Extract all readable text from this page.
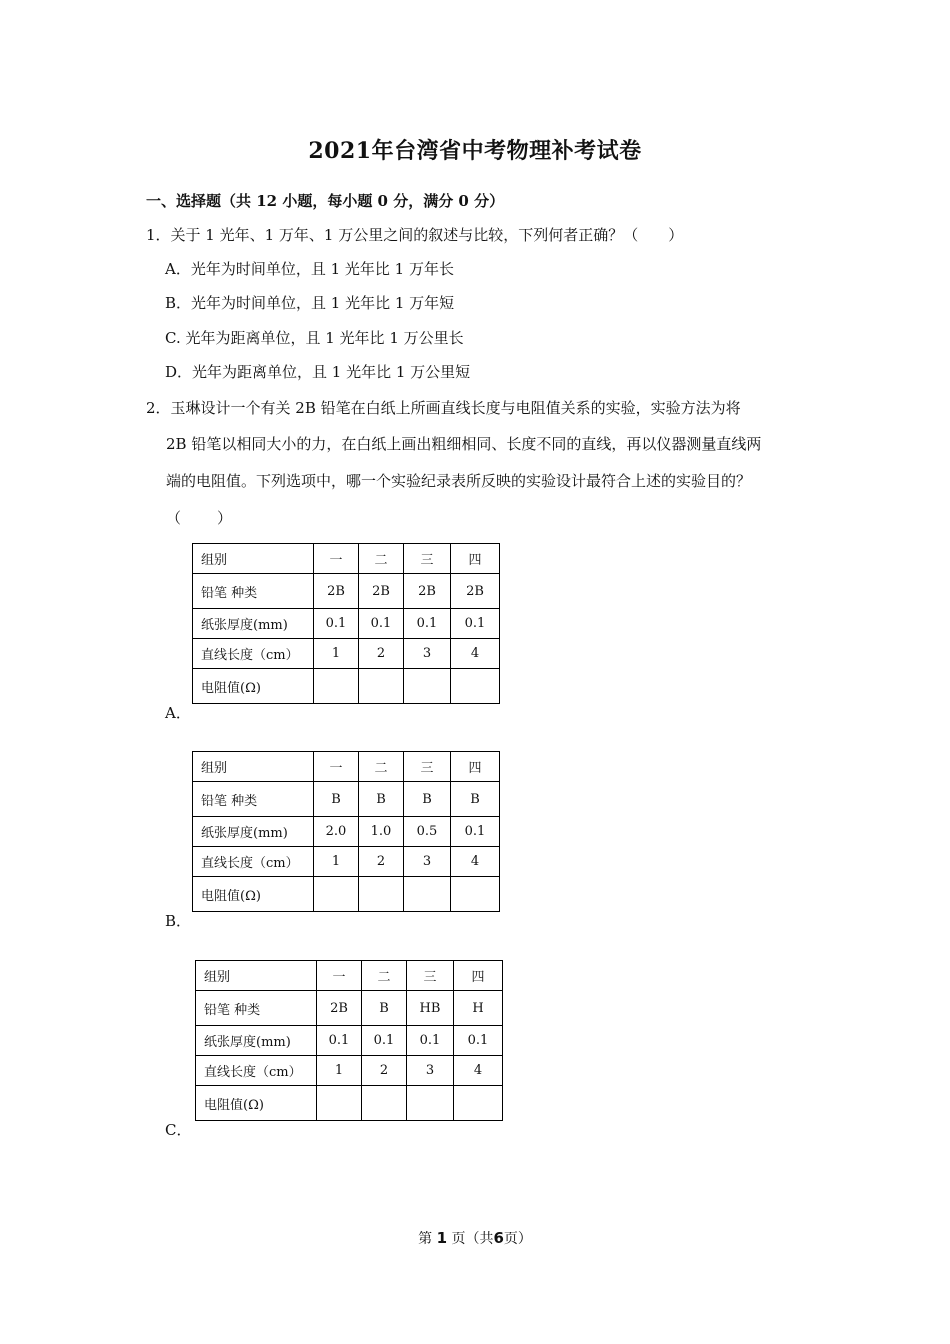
2021年台湾省中考物理补考试卷
一、选择题（共 12 小题，每小题 0 分，满分 0 分）
1．关于 1 光年、1 万年、1 万公里之间的叙述与比较，下列何者正确？（　　）
A．光年为时间单位，且 1 光年比 1 万年长
B．光年为时间单位，且 1 光年比 1 万年短
C. 光年为距离单位，且 1 光年比 1 万公里长
D．光年为距离单位，且 1 光年比 1 万公里短
2．玉琳设计一个有关 2B 铅笔在白纸上所画直线长度与电阻值关系的实验，实验方法为将
2B 铅笔以相同大小的力，在白纸上画出粗细相同、长度不同的直线，再以仪器测量直线两
端的电阻值。下列选项中，哪一个实验纪录表所反映的实验设计最符合上述的实验目的？
（　　）
组别	一	二	三	四
铅笔 种类	2B	2B	2B	2B
纸张厚度(mm)	0.1	0.1	0.1	0.1
直线长度（cm）	1	2	3	4
电阻值(Ω)				
A．
组别	一	二	三	四
铅笔 种类	B	B	B	B
纸张厚度(mm)	2.0	1.0	0.5	0.1
直线长度（cm）	1	2	3	4
电阻值(Ω)				
B．
组别	一	二	三	四
铅笔 种类	2B	B	HB	H
纸张厚度(mm)	0.1	0.1	0.1	0.1
直线长度（cm）	1	2	3	4
电阻值(Ω)				
C．
第 1 页（共6页）
